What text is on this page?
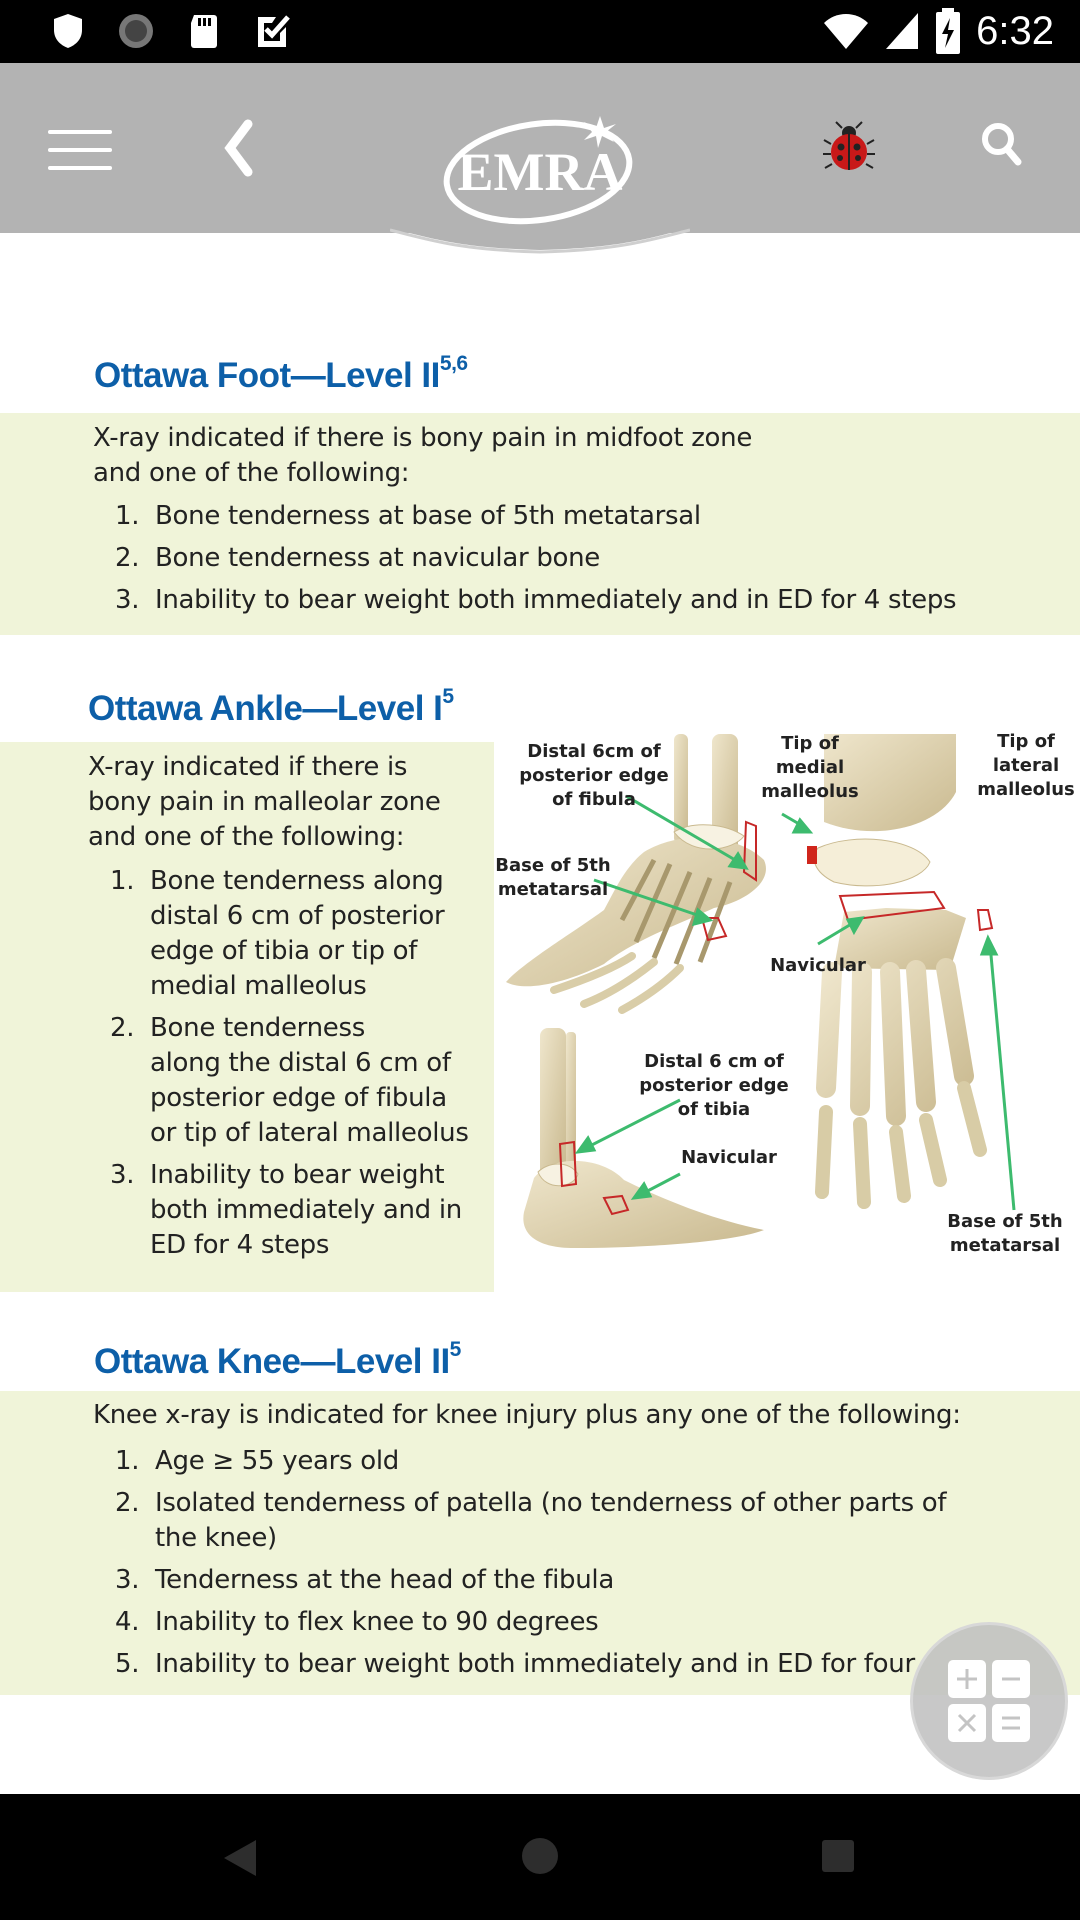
6:32
EMRA
Ottawa Foot—Level II$^{5,6}$
X-ray indicated if there is bony pain in midfoot zone
and one of the following:
1. Bone tenderness at base of 5th metatarsal
2. Bone tenderness at navicular bone
3. Inability to bear weight both immediately and in ED for 4 steps
Ottawa Ankle—Level $I^5$
X-ray indicated if there is
bony pain in malleolar zone
and one of the following:
1. Bone tenderness along
distal 6 cm of posterior
edge of tibia or tip of
medial malleolus
2. Bone tenderness
along the distal 6 cm of
posterior edge of fibula
or tip of lateral malleolus
3. Inability to bear weight
both immediately and in
ED for 4 steps
Distal 6cm of
posterior edge
of fibula
Tip of
medial
malleolus
Tip of
lateral
malleolus
Base of 5th
metatarsal
Navicular
Distal 6 cm of
posterior edge
of tibia
Navicular
Base of 5th
metatarsal
Ottawa Knee—Level $II^5$
Knee x-ray is indicated for knee injury plus any one of the following:
1. Age ≥ 55 years old
2. Isolated tenderness of patella (no tenderness of other parts of
the knee)
3. Tenderness at the head of the fibula
4. Inability to flex knee to 90 degrees
5. Inability to bear weight both immediately and in ED for four
